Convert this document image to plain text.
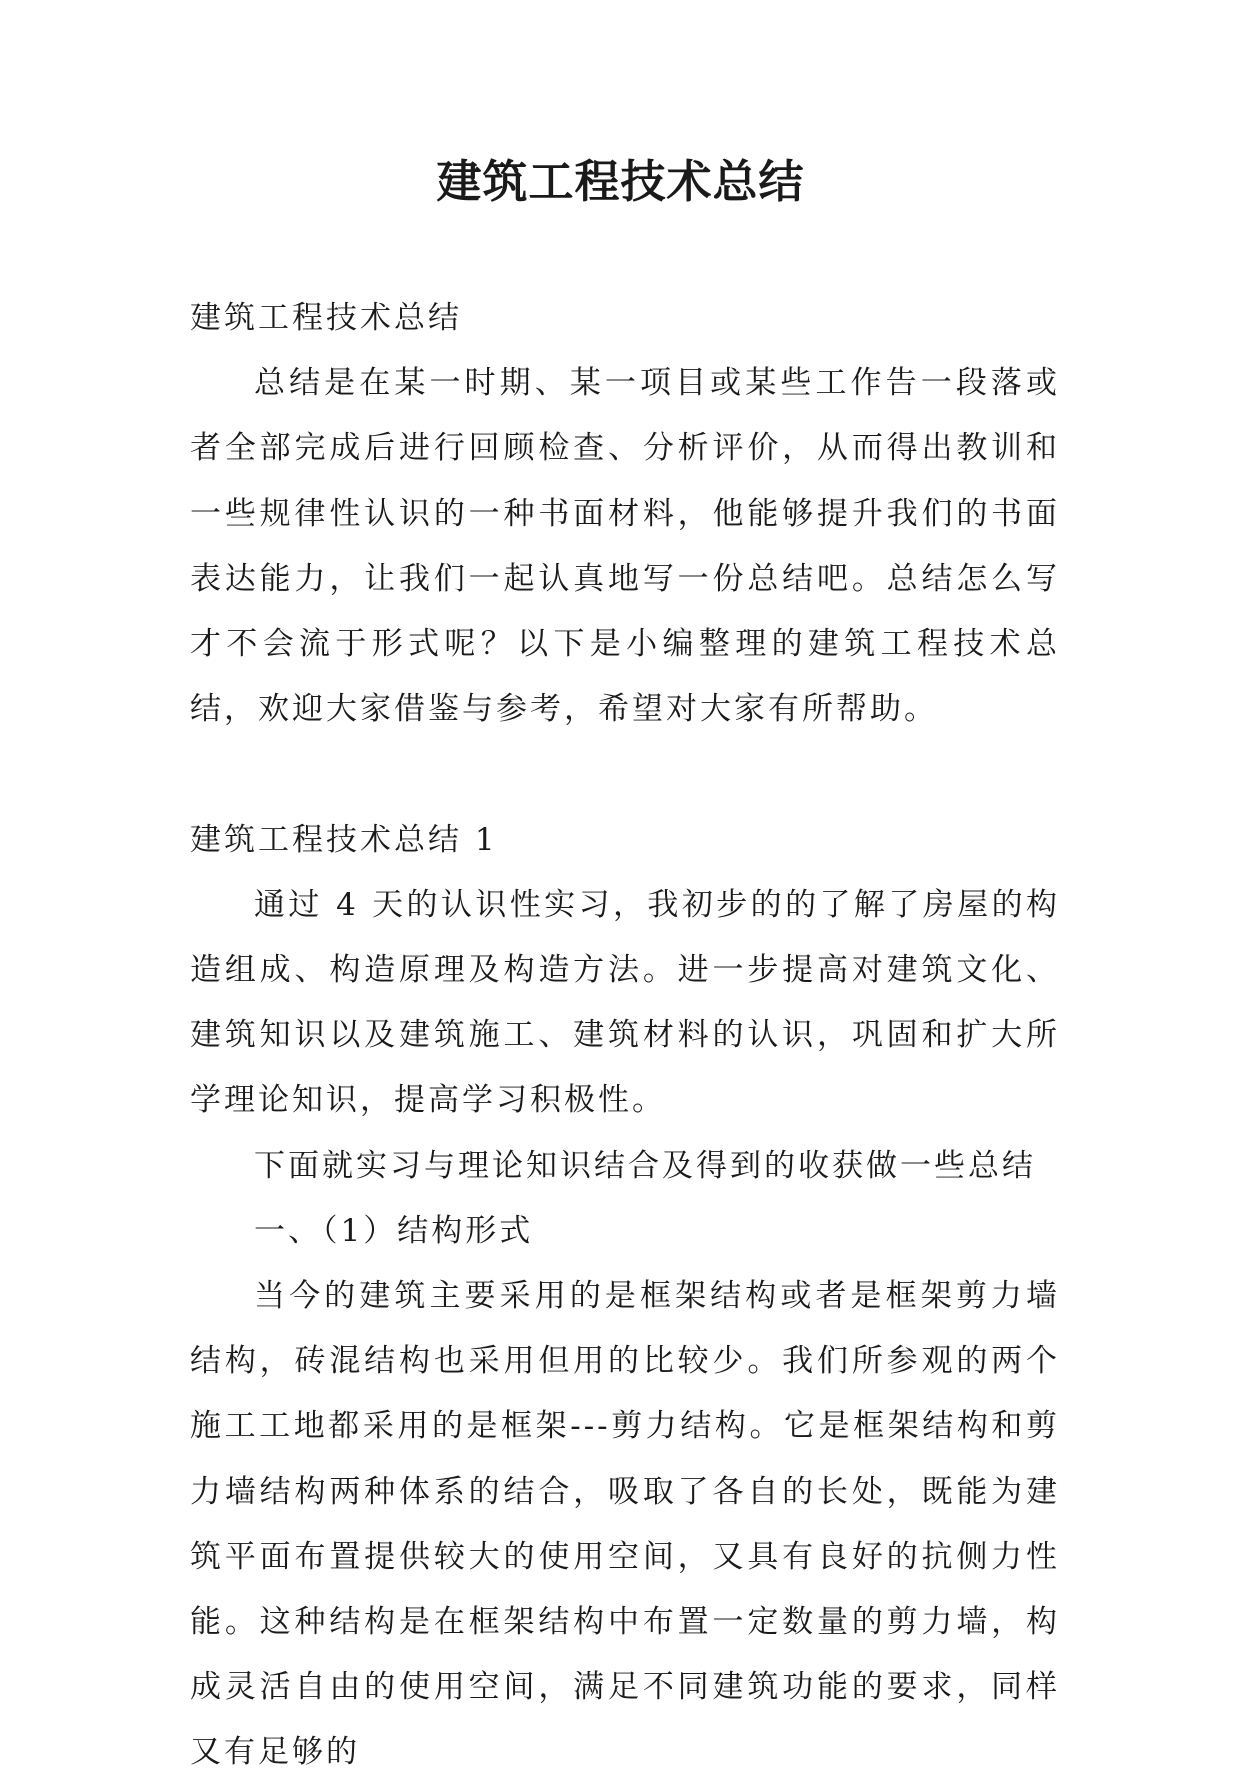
建筑工程技术总结

建筑工程技术总结

总结是在某一时期、某一项目或某些工作告一段落或者全部完成后进行回顾检查、分析评价，从而得出教训和一些规律性认识的一种书面材料，他能够提升我们的书面表达能力，让我们一起认真地写一份总结吧。总结怎么写才不会流于形式呢？以下是小编整理的建筑工程技术总结，欢迎大家借鉴与参考，希望对大家有所帮助。

建筑工程技术总结 1

通过 4 天的认识性实习，我初步的的了解了房屋的构造组成、构造原理及构造方法。进一步提高对建筑文化、建筑知识以及建筑施工、建筑材料的认识，巩固和扩大所学理论知识，提高学习积极性。

下面就实习与理论知识结合及得到的收获做一些总结

一、（1）结构形式

当今的建筑主要采用的是框架结构或者是框架剪力墙结构，砖混结构也采用但用的比较少。我们所参观的两个施工工地都采用的是框架---剪力结构。它是框架结构和剪力墙结构两种体系的结合，吸取了各自的长处，既能为建筑平面布置提供较大的使用空间，又具有良好的抗侧力性能。这种结构是在框架结构中布置一定数量的剪力墙，构成灵活自由的使用空间，满足不同建筑功能的要求，同样又有足够的
